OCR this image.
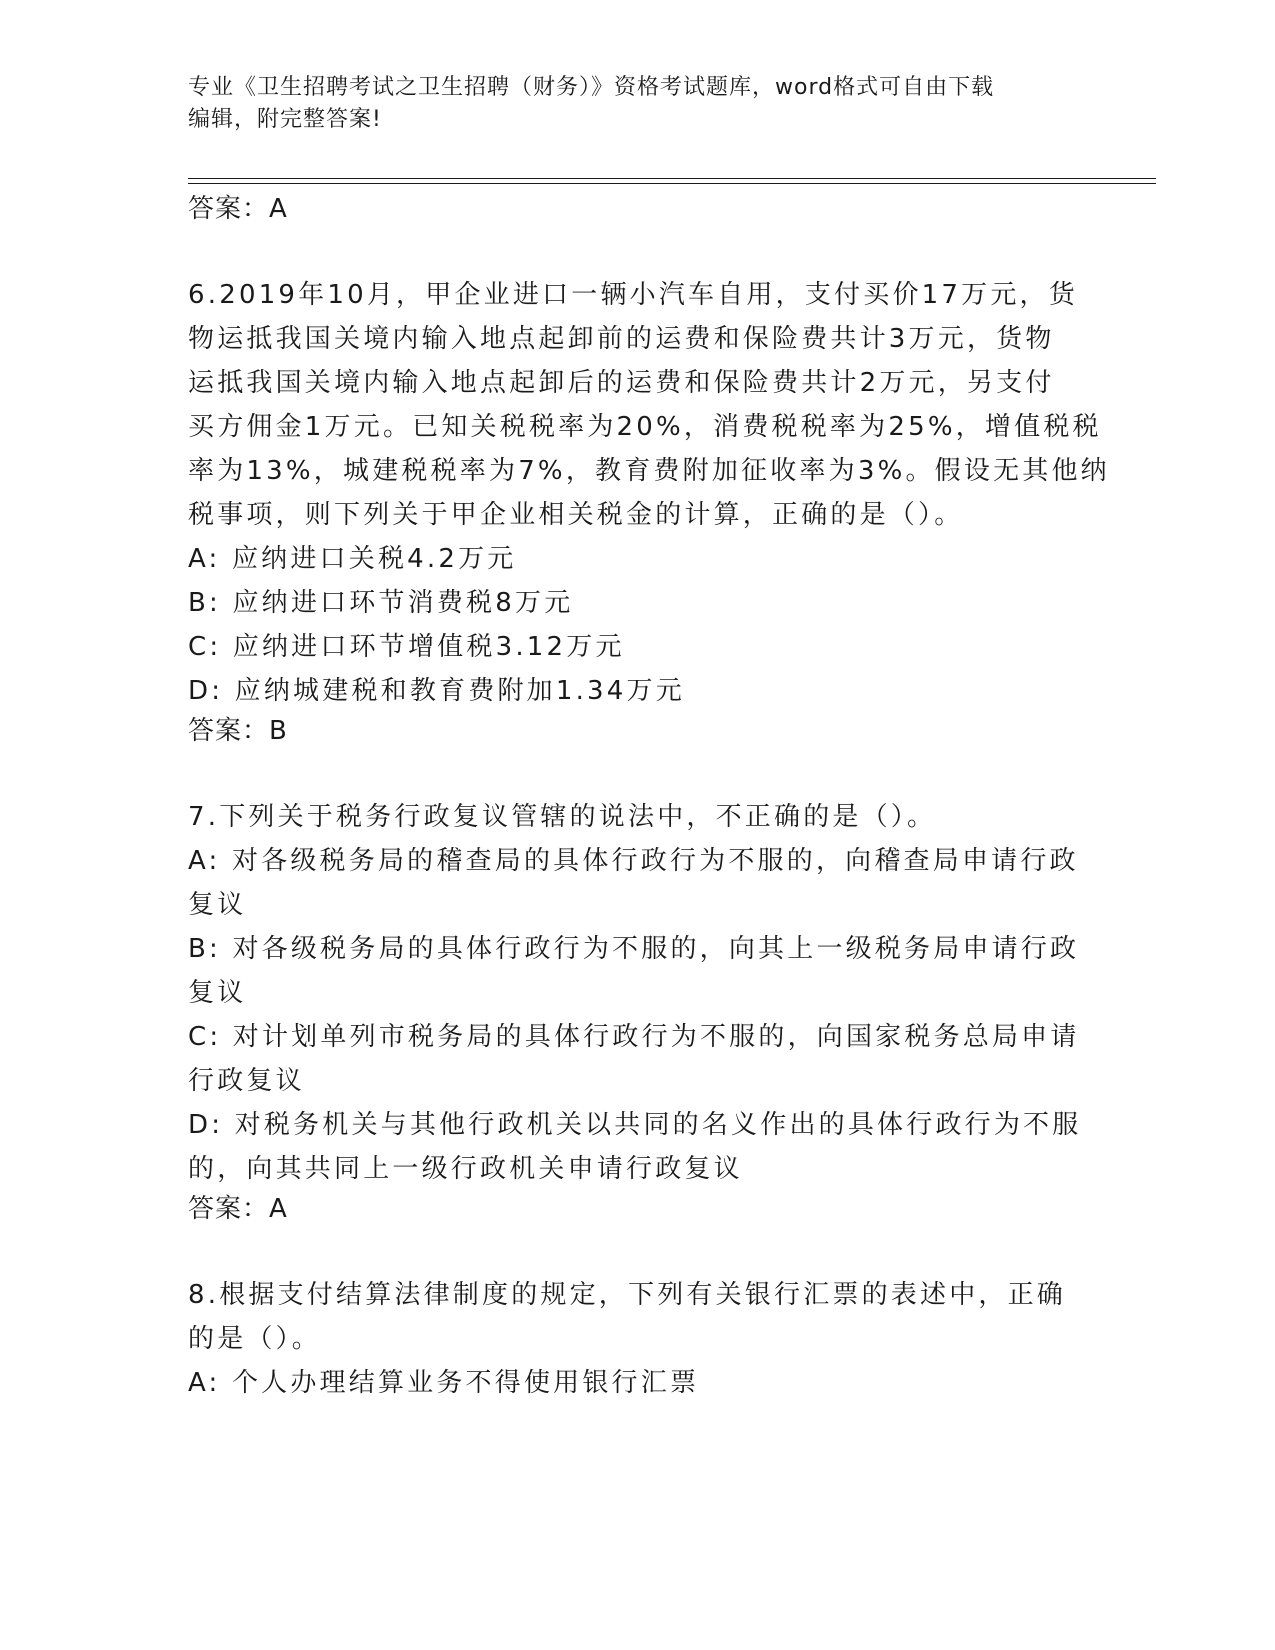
专业《卫生招聘考试之卫生招聘（财务）》资格考试题库，word格式可自由下载
编辑，附完整答案!
答案：A
6.2019年10月，甲企业进口一辆小汽车自用，支付买价17万元，货
物运抵我国关境内输入地点起卸前的运费和保险费共计3万元，货物
运抵我国关境内输入地点起卸后的运费和保险费共计2万元，另支付
买方佣金1万元。已知关税税率为20%，消费税税率为25%，增值税税
率为13%，城建税税率为7%，教育费附加征收率为3%。假设无其他纳
税事项，则下列关于甲企业相关税金的计算，正确的是（）。
A: 应纳进口关税4.2万元
B: 应纳进口环节消费税8万元
C: 应纳进口环节增值税3.12万元
D: 应纳城建税和教育费附加1.34万元
答案：B
7.下列关于税务行政复议管辖的说法中，不正确的是（）。
A: 对各级税务局的稽查局的具体行政行为不服的，向稽查局申请行政
复议
B: 对各级税务局的具体行政行为不服的，向其上一级税务局申请行政
复议
C: 对计划单列市税务局的具体行政行为不服的，向国家税务总局申请
行政复议
D: 对税务机关与其他行政机关以共同的名义作出的具体行政行为不服
的，向其共同上一级行政机关申请行政复议
答案：A
8.根据支付结算法律制度的规定，下列有关银行汇票的表述中，正确
的是（）。
A: 个人办理结算业务不得使用银行汇票
